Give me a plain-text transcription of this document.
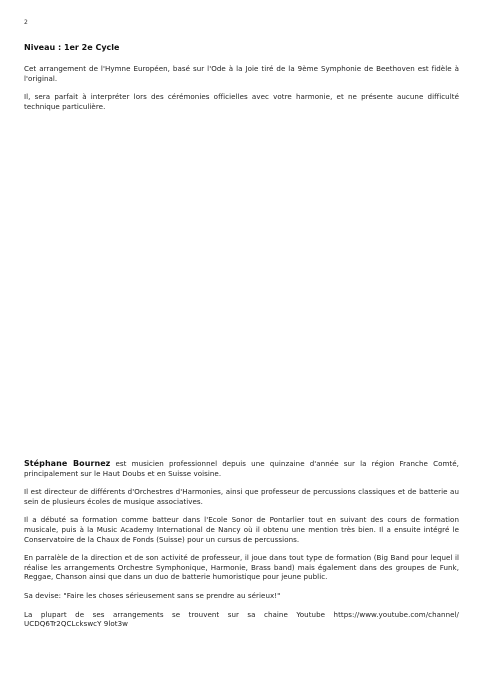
2
Niveau : 1er 2e Cycle

Cet arrangement de l'Hymne Européen, basé sur l'Ode à la Joie tiré de la 9ème Symphonie de Beethoven est fidèle à l'original.

Il, sera parfait à interpréter lors des cérémonies officielles avec votre harmonie, et ne présente aucune difficulté technique particulière.

Stéphane Bournez est musicien professionnel depuis une quinzaine d'année sur la région Franche Comté, principalement sur le Haut Doubs et en Suisse voisine.

Il est directeur de différents d'Orchestres d'Harmonies, ainsi que professeur de percussions classiques et de batterie au sein de plusieurs écoles de musique associatives.

Il a débuté sa formation comme batteur dans l'Ecole Sonor de Pontarlier tout en suivant des cours de formation musicale, puis à la Music Academy International de Nancy où il obtenu une mention très bien. Il a ensuite intégré le Conservatoire de la Chaux de Fonds (Suisse) pour un cursus de percussions.

En parralèle de la direction et de son activité de professeur, il joue dans tout type de formation (Big Band pour lequel il réalise les arrangements Orchestre Symphonique, Harmonie, Brass band) mais également dans des groupes de Funk, Reggae, Chanson ainsi que dans un duo de batterie humoristique pour jeune public.

Sa devise: "Faire les choses sérieusement sans se prendre au sérieux!"

La plupart de ses arrangements se trouvent sur sa chaine Youtube https://www.youtube.com/channel/ UCDQ6Tr2QCLckswcY 9lot3w
